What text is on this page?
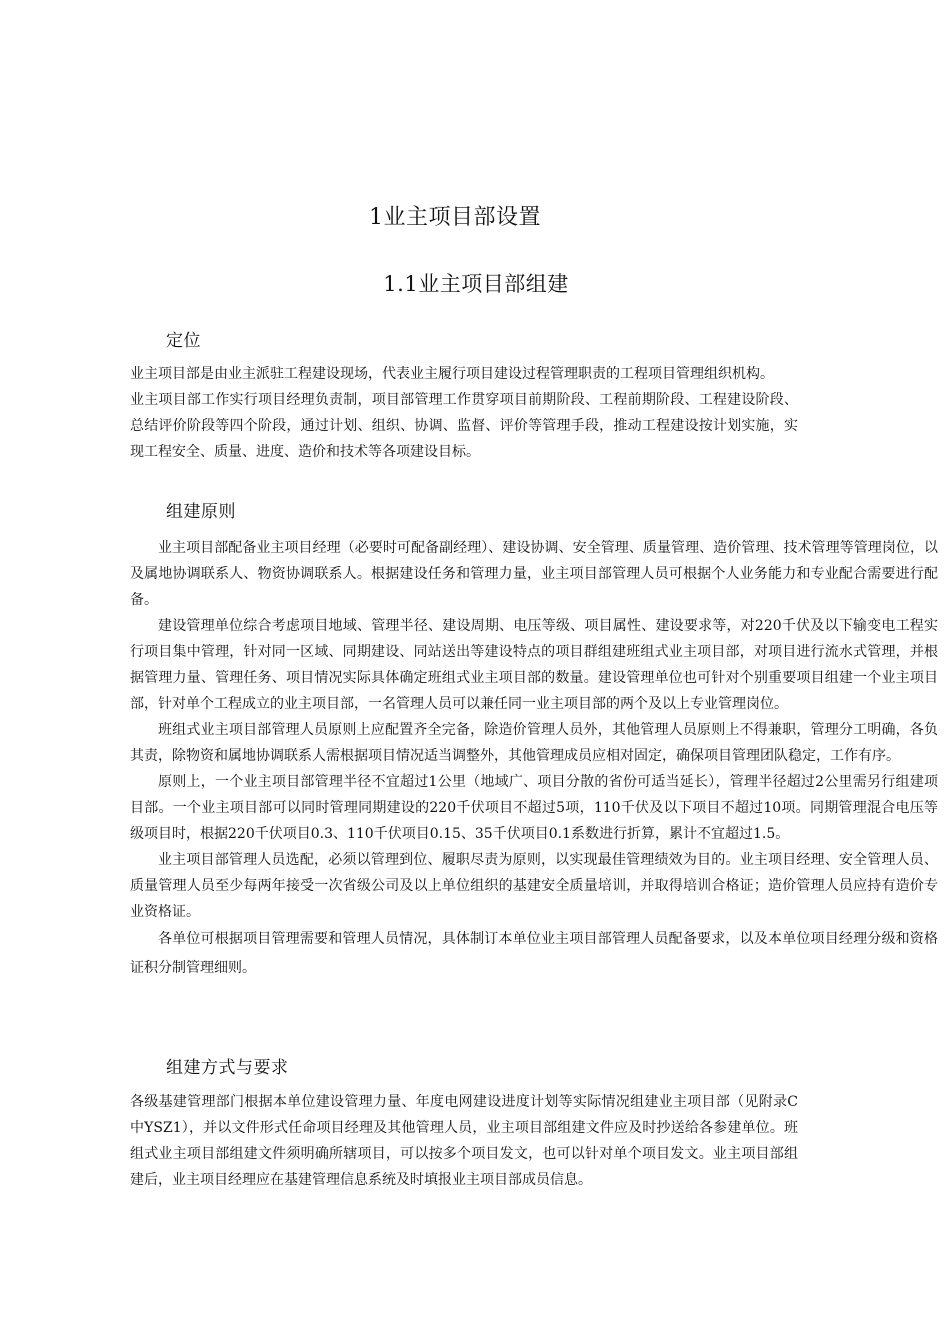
1业主项目部设置
1.1业主项目部组建
定位

业主项目部是由业主派驻工程建设现场，代表业主履行项目建设过程管理职责的工程项目管理组织机构。

业主项目部工作实行项目经理负责制，项目部管理工作贯穿项目前期阶段、工程前期阶段、工程建设阶段、总结评价阶段等四个阶段，通过计划、组织、协调、监督、评价等管理手段，推动工程建设按计划实施，实现工程安全、质量、进度、造价和技术等各项建设目标。

组建原则

业主项目部配备业主项目经理（必要时可配备副经理）、建设协调、安全管理、质量管理、造价管理、技术管理等管理岗位，以及属地协调联系人、物资协调联系人。根据建设任务和管理力量，业主项目部管理人员可根据个人业务能力和专业配合需要进行配备。

建设管理单位综合考虑项目地域、管理半径、建设周期、电压等级、项目属性、建设要求等，对220千伏及以下输变电工程实行项目集中管理，针对同一区域、同期建设、同站送出等建设特点的项目群组建班组式业主项目部，对项目进行流水式管理，并根据管理力量、管理任务、项目情况实际具体确定班组式业主项目部的数量。建设管理单位也可针对个别重要项目组建一个业主项目部，针对单个工程成立的业主项目部，一名管理人员可以兼任同一业主项目部的两个及以上专业管理岗位。

班组式业主项目部管理人员原则上应配置齐全完备，除造价管理人员外，其他管理人员原则上不得兼职，管理分工明确，各负其责，除物资和属地协调联系人需根据项目情况适当调整外，其他管理成员应相对固定，确保项目管理团队稳定，工作有序。

原则上，一个业主项目部管理半径不宜超过1公里（地域广、项目分散的省份可适当延长），管理半径超过2公里需另行组建项目部。一个业主项目部可以同时管理同期建设的220千伏项目不超过5项，110千伏及以下项目不超过10项。同期管理混合电压等级项目时，根据220千伏项目0.3、110千伏项目0.15、35千伏项目0.1系数进行折算，累计不宜超过1.5。

业主项目部管理人员选配，必须以管理到位、履职尽责为原则，以实现最佳管理绩效为目的。业主项目经理、安全管理人员、质量管理人员至少每两年接受一次省级公司及以上单位组织的基建安全质量培训，并取得培训合格证；造价管理人员应持有造价专业资格证。

各单位可根据项目管理需要和管理人员情况，具体制订本单位业主项目部管理人员配备要求，以及本单位项目经理分级和资格证积分制管理细则。

组建方式与要求

各级基建管理部门根据本单位建设管理力量、年度电网建设进度计划等实际情况组建业主项目部（见附录C中YSZ1），并以文件形式任命项目经理及其他管理人员，业主项目部组建文件应及时抄送给各参建单位。班组式业主项目部组建文件须明确所辖项目，可以按多个项目发文，也可以针对单个项目发文。业主项目部组建后，业主项目经理应在基建管理信息系统及时填报业主项目部成员信息。
